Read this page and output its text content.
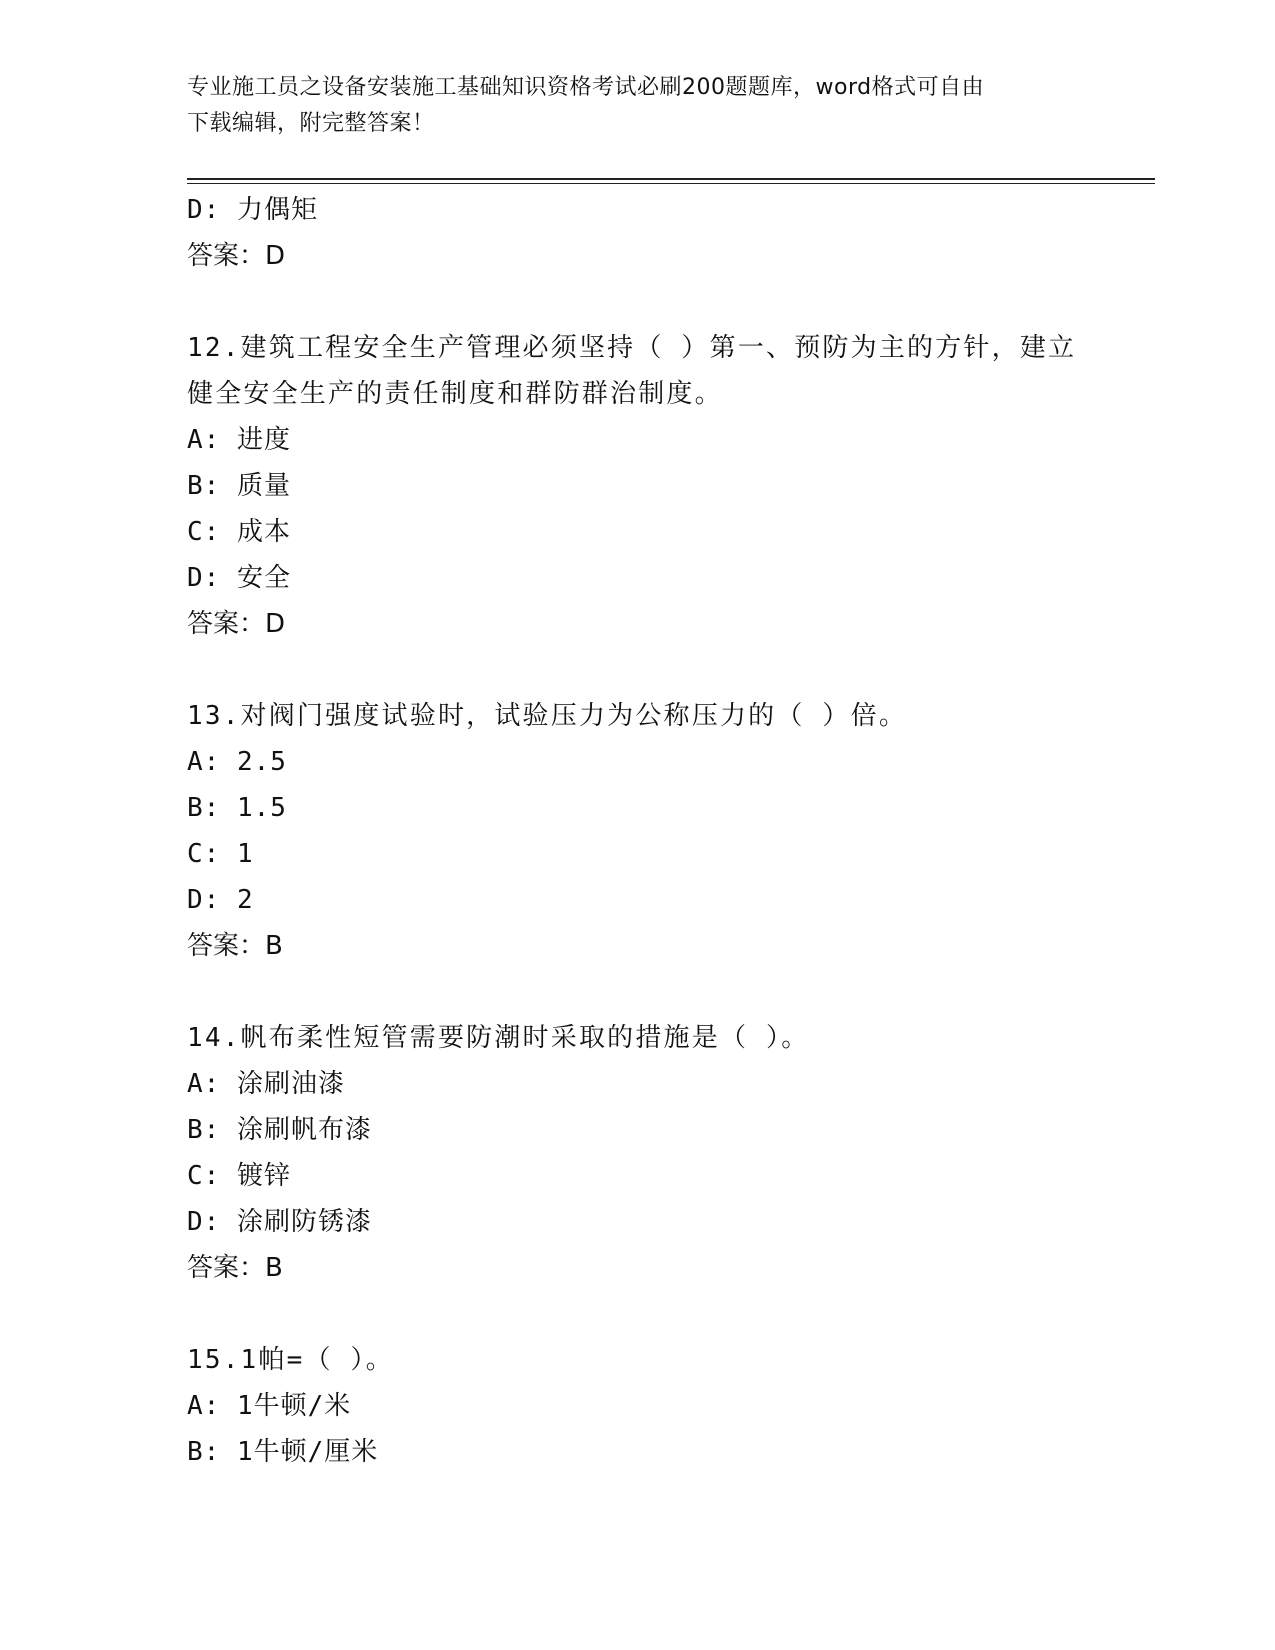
专业施工员之设备安装施工基础知识资格考试必刷200题题库，word格式可自由
下载编辑，附完整答案！
D: 力偶矩
答案：D
12.建筑工程安全生产管理必须坚持（ ）第一、预防为主的方针，建立健全安全生产的责任制度和群防群治制度。
A: 进度
B: 质量
C: 成本
D: 安全
答案：D
13.对阀门强度试验时，试验压力为公称压力的（ ）倍。
A: 2.5
B: 1.5
C: 1
D: 2
答案：B
14.帆布柔性短管需要防潮时采取的措施是（ ）。
A: 涂刷油漆
B: 涂刷帆布漆
C: 镀锌
D: 涂刷防锈漆
答案：B
15.1帕=（ ）。
A: 1牛顿/米
B: 1牛顿/厘米
